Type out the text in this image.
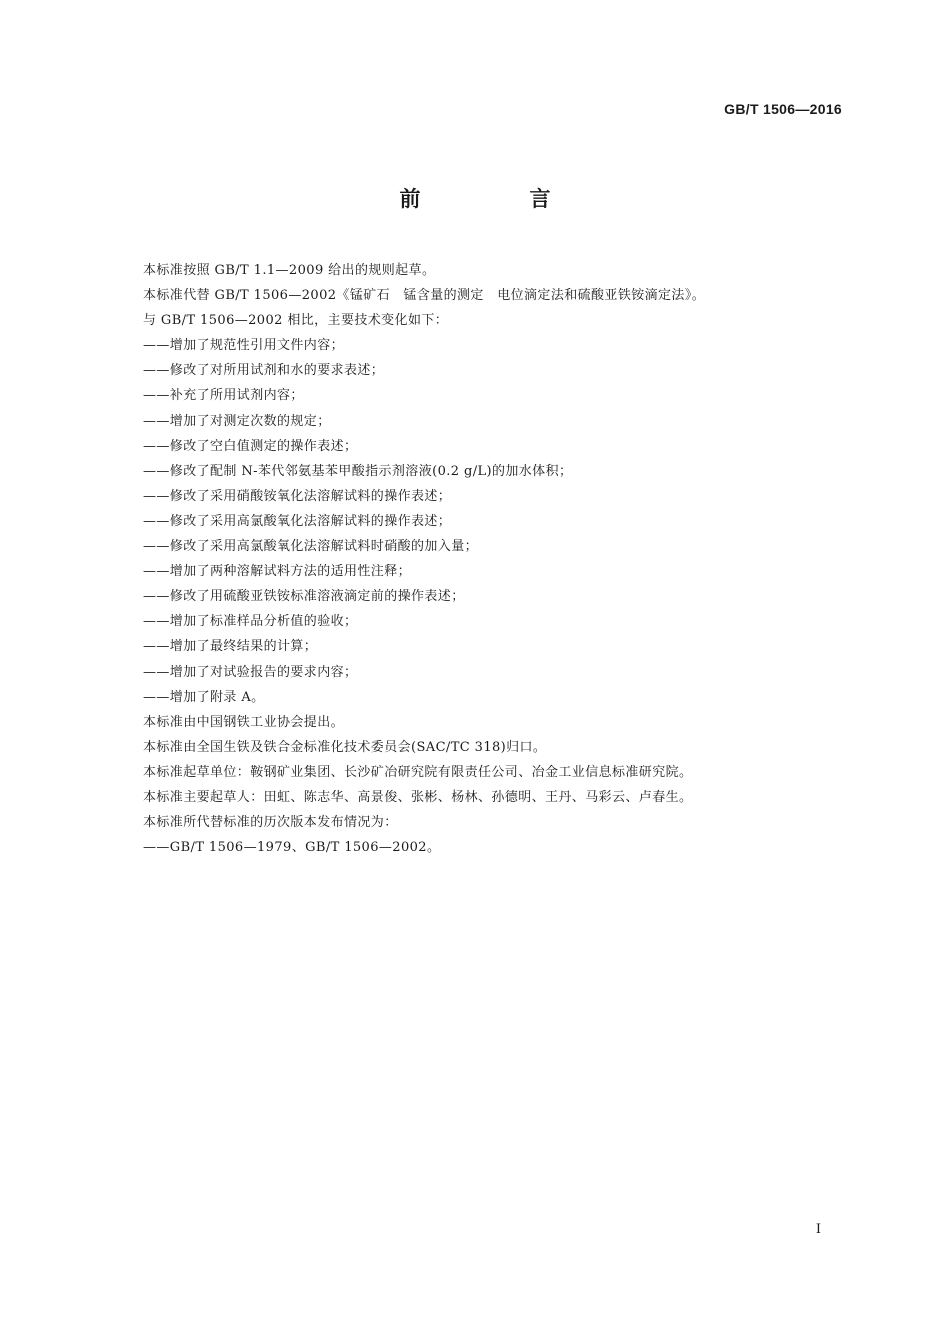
GB/T 1506—2016
前　言
本标准按照 GB/T 1.1—2009 给出的规则起草。
本标准代替 GB/T 1506—2002《锰矿石　锰含量的测定　电位滴定法和硫酸亚铁铵滴定法》。
与 GB/T 1506—2002 相比，主要技术变化如下：
——增加了规范性引用文件内容；
——修改了对所用试剂和水的要求表述；
——补充了所用试剂内容；
——增加了对测定次数的规定；
——修改了空白值测定的操作表述；
——修改了配制 N-苯代邻氨基苯甲酸指示剂溶液(0.2 g/L)的加水体积；
——修改了采用硝酸铵氧化法溶解试料的操作表述；
——修改了采用高氯酸氧化法溶解试料的操作表述；
——修改了采用高氯酸氧化法溶解试料时硝酸的加入量；
——增加了两种溶解试料方法的适用性注释；
——修改了用硫酸亚铁铵标准溶液滴定前的操作表述；
——增加了标准样品分析值的验收；
——增加了最终结果的计算；
——增加了对试验报告的要求内容；
——增加了附录 A。
本标准由中国钢铁工业协会提出。
本标准由全国生铁及铁合金标准化技术委员会(SAC/TC 318)归口。
本标准起草单位：鞍钢矿业集团、长沙矿冶研究院有限责任公司、冶金工业信息标准研究院。
本标准主要起草人：田虹、陈志华、高景俊、张彬、杨林、孙德明、王丹、马彩云、卢春生。
本标准所代替标准的历次版本发布情况为：
——GB/T 1506—1979、GB/T 1506—2002。
I
